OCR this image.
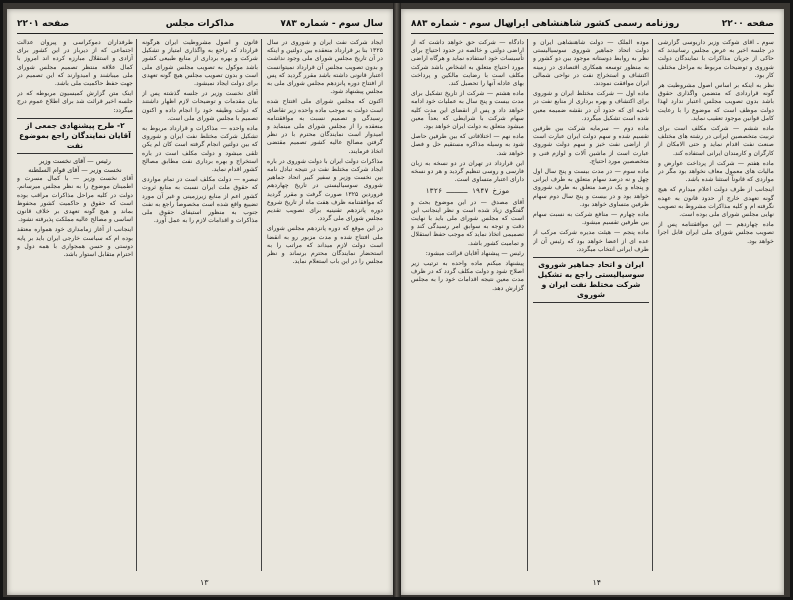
صفحه ۲۲۰۱	مذاکرات مجلس	سال سوم - شماره ۷۸۳

ایجاد شرکت نفت ایران و شوروی در سال ۱۳۲۵ بنا بر قرارداد منعقده بین دولتین و اینکه در آن تاریخ مجلس شورای ملی وجود نداشت و بدون تصویب مجلس آن قرارداد نمیتوانست اعتبار قانونی داشته باشد مقرر گردید که پس از افتتاح دوره پانزدهم مجلس شورای ملی به مجلس پیشنهاد شود.

اکنون که مجلس شورای ملی افتتاح شده است دولت به موجب ماده واحده زیر تقاضای رسیدگی و تصمیم نسبت به موافقتنامه منعقده را از مجلس شورای ملی مینماید و امیدوار است نمایندگان محترم با در نظر گرفتن مصالح عالیه کشور تصمیم مقتضی اتخاذ فرمایند.

مذاکرات دولت ایران با دولت شوروی در باره ایجاد شرکت مختلط نفت در نتیجه تبادل نامه بین نخست وزیر و سفیر کبیر اتحاد جماهیر شوروی سوسیالیستی در تاریخ چهاردهم فروردین ۱۳۲۵ صورت گرفت و مقرر گردید که موافقتنامه ظرف هفت ماه از تاریخ شروع دوره پانزدهم تقنینیه برای تصویب تقدیم مجلس شورای ملی گردد.

در این موقع که دوره پانزدهم مجلس شورای ملی افتتاح شده و مدت مزبور رو به انقضا است دولت لازم میداند که مراتب را به استحضار نمایندگان محترم برساند و نظر مجلس را در این باب استعلام نماید.

قانون و اصول مشروطیت ایران هرگونه قرارداد که راجع به واگذاری امتیاز و تشکیل شرکت و بهره برداری از منابع طبیعی کشور باشد موکول به تصویب مجلس شورای ملی است و بدون تصویب مجلس هیچ گونه تعهدی برای دولت ایجاد نمیشود.

آقای نخست وزیر در جلسه گذشته پس از بیان مقدمات و توضیحات لازم اظهار داشتند که دولت وظیفه خود را انجام داده و اکنون تصمیم با مجلس شورای ملی است.

ماده واحده — مذاکرات و قرارداد مربوط به تشکیل شرکت مختلط نفت ایران و شوروی که بین دولتین انجام گرفته است کان لم یکن تلقی میشود و دولت مکلف است در باره استخراج و بهره برداری نفت مطابق مصالح کشور اقدام نماید.

تبصره — دولت مکلف است در تمام مواردی که حقوق ملت ایران نسبت به منابع ثروت کشور اعم از منابع زیرزمینی و غیر آن مورد تضییع واقع شده است مخصوصاً راجع به نفت جنوب به منظور استیفای حقوق ملی مذاکرات و اقدامات لازم را به عمل آورد.

طرفداران دموکراسی و پیروان عدالت اجتماعی که از دیرباز در این کشور برای آزادی و استقلال مبارزه کرده اند امروز با کمال علاقه منتظر تصمیم مجلس شورای ملی میباشند و امیدوارند که این تصمیم در جهت حفظ حاکمیت ملی باشد.

اینک متن گزارش کمیسیون مربوطه که در جلسه اخیر قرائت شد برای اطلاع عموم درج میگردد:

۲- طرح پیشنهادی جمعی از آقایان نمایندگان راجع بموضوع نفت
رئیس — آقای نخست وزیر
نخست وزیر — آقای قوام السلطنه

آقای نخست وزیر — با کمال مسرت و اطمینان موضوع را به نظر مجلس میرسانم. دولت در کلیه مراحل مذاکرات مراقب بوده است که حقوق و حاکمیت کشور محفوظ بماند و هیچ گونه تعهدی بر خلاف قانون اساسی و مصالح عالیه مملکت پذیرفته نشود.

اینجانب از آغاز زمامداری خود همواره معتقد بوده ام که سیاست خارجی ایران باید بر پایه دوستی و حسن همجواری با همه دول و احترام متقابل استوار باشد.

۱۳
سال سوم - شماره ۸۸۳
روزنامه رسمی کشور شاهنشاهی ایران	صفحه ۲۲۰۰

سوم ـ آقای شوکت وزیر داریوسی گزارشی در جلسه اخیر به عرض مجلس رسانیدند که حاکی از جریان مذاکرات با نمایندگان دولت شوروی و توضیحات مربوط به مراحل مختلف کار بود.

نظر به اینکه بر اساس اصول مشروطیت هر گونه قراردادی که متضمن واگذاری حقوق باشد بدون تصویب مجلس اعتبار ندارد لهذا دولت موظف است که موضوع را با رعایت کامل قوانین موجود تعقیب نماید.

ماده ششم — شرکت مکلف است برای تربیت متخصصین ایرانی در رشته های مختلف صنعت نفت اقدام نماید و حتی الامکان از کارگران و کارمندان ایرانی استفاده کند.

ماده هفتم — شرکت از پرداخت عوارض و مالیات های معمول معاف نخواهد بود مگر در مواردی که قانوناً استثنا شده باشد.

اینجانب از طرف دولت اعلام میدارم که هیچ گونه تعهدی خارج از حدود قانون به عهده نگرفته ام و کلیه مذاکرات مشروط به تصویب نهایی مجلس شورای ملی بوده است.

ماده چهاردهم — این موافقتنامه پس از تصویب مجلس شورای ملی ایران قابل اجرا خواهد بود.

موده الملک — دولت شاهنشاهی ایران و دولت اتحاد جماهیر شوروی سوسیالیستی نظر به روابط دوستانه موجود بین دو کشور و به منظور توسعه همکاری اقتصادی در زمینه اکتشاف و استخراج نفت در نواحی شمالی ایران موافقت نمودند.

ماده اول — شرکت مختلط ایران و شوروی برای اکتشاف و بهره برداری از منابع نفت در ناحیه ای که حدود آن در نقشه ضمیمه معین شده است تشکیل میگردد.

ماده دوم — سرمایه شرکت بین طرفین تقسیم شده و سهم دولت ایران عبارت است از اراضی نفت خیز و سهم دولت شوروی عبارت است از ماشین آلات و لوازم فنی و متخصصین مورد احتیاج.

ماده سوم — در مدت بیست و پنج سال اول چهل و نه درصد سهام متعلق به طرف ایرانی و پنجاه و یک درصد متعلق به طرف شوروی خواهد بود و در بیست و پنج سال دوم سهام طرفین متساوی خواهد بود.

ماده چهارم — منافع شرکت به نسبت سهام بین طرفین تقسیم میشود.

ماده پنجم — هیئت مدیره شرکت مرکب از عده ای از اعضا خواهد بود که رئیس آن از طرف ایرانی انتخاب میگردد.

ایران و اتحاد جماهیر شوروی سوسیالیستی راجع به تشکیل شرکت مختلط نفت ایران و شوروی

دادگاه — شرکت حق خواهد داشت که از اراضی دولتی و خالصه در حدود احتیاج برای تأسیسات خود استفاده نماید و هرگاه اراضی مورد احتیاج متعلق به اشخاص باشد شرکت مکلف است با رضایت مالکین و پرداخت بهای عادله آنها را تحصیل کند.

ماده هشتم — شرکت از تاریخ تشکیل برای مدت بیست و پنج سال به عملیات خود ادامه خواهد داد و پس از انقضای این مدت کلیه سهام شرکت با شرایطی که بعداً معین میشود متعلق به دولت ایران خواهد بود.

ماده نهم — اختلافاتی که بین طرفین حاصل شود به وسیله مذاکره مستقیم حل و فصل خواهد شد.

این قرارداد در تهران در دو نسخه به زبان فارسی و روسی تنظیم گردید و هر دو نسخه دارای اعتبار متساوی است.

موزخ ۱۹۴۷ ـــــ ۱۳۲۶

آقای مصدق — در این موضوع بحث و گفتگوی زیاد شده است و نظر اینجانب این است که مجلس شورای ملی باید با نهایت دقت و توجه به سوابق امر رسیدگی کند و تصمیمی اتخاذ نماید که موجب حفظ استقلال و تمامیت کشور باشد.

رئیس — پیشنهاد آقایان قرائت میشود:

پیشنهاد میکنم ماده واحده به ترتیب زیر اصلاح شود و دولت مکلف گردد که در ظرف مدت معین نتیجه اقدامات خود را به مجلس گزارش دهد.

۱۴
